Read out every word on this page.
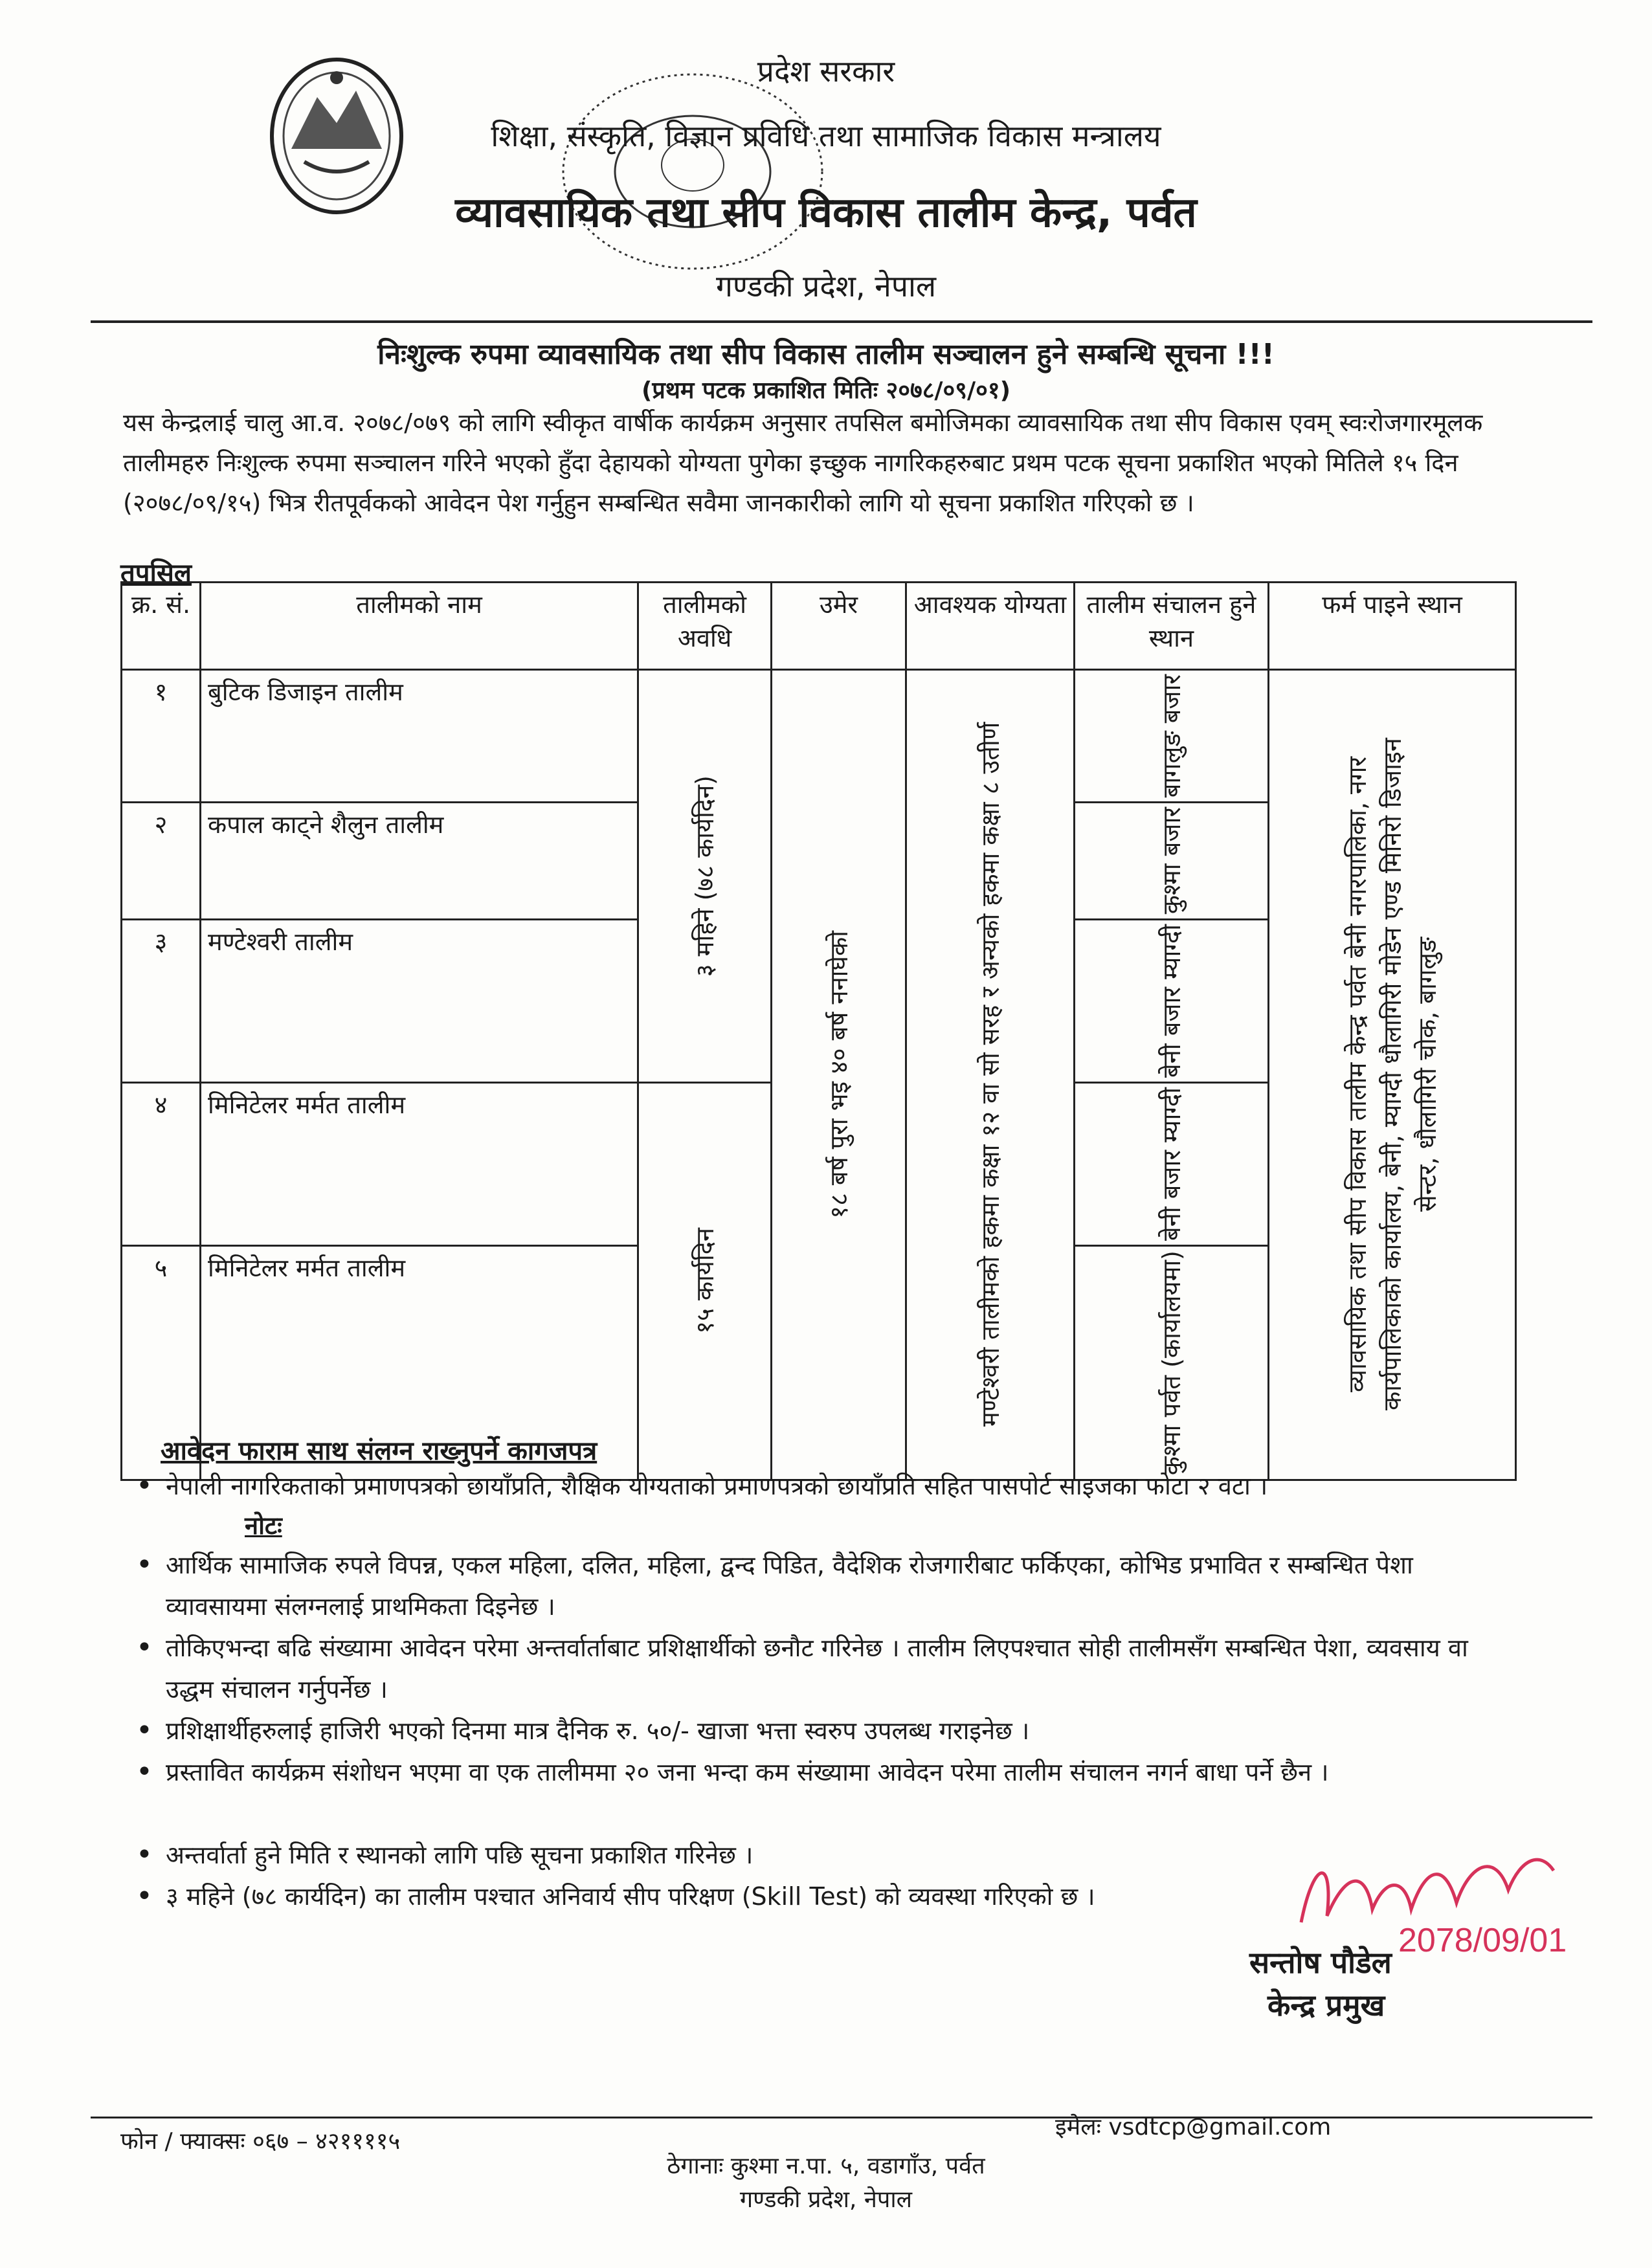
प्रदेश सरकार
शिक्षा, संस्कृति, विज्ञान प्रविधि तथा सामाजिक विकास मन्त्रालय
व्यावसायिक तथा सीप विकास तालीम केन्द्र, पर्वत
गण्डकी प्रदेश, नेपाल
निःशुल्क रुपमा व्यावसायिक तथा सीप विकास तालीम सञ्चालन हुने सम्बन्धि सूचना !!!
(प्रथम पटक प्रकाशित मितिः २०७८/०९/०१)
यस केन्द्रलाई चालु आ.व. २०७८/०७९ को लागि स्वीकृत वार्षीक कार्यक्रम अनुसार तपसिल बमोजिमका व्यावसायिक तथा सीप विकास एवम् स्वःरोजगारमूलक तालीमहरु निःशुल्क रुपमा सञ्चालन गरिने भएको हुँदा देहायको योग्यता पुगेका इच्छुक नागरिकहरुबाट प्रथम पटक सूचना प्रकाशित भएको मितिले १५ दिन (२०७८/०९/१५) भित्र रीतपूर्वकको आवेदन पेश गर्नुहुन सम्बन्धित सवैमा जानकारीको लागि यो सूचना प्रकाशित गरिएको छ ।
तपसिल
क्र. सं.	तालीमको नाम	तालीमको अवधि	उमेर	आवश्यक योग्यता	तालीम संचालन हुने स्थान	फर्म पाइने स्थान
१	बुटिक डिजाइन तालीम	३ महिने (७८ कार्यदिन)	१८ बर्ष पुरा भइ ४० बर्ष ननाघेको	मण्टेश्वरी तालीमको हकमा कक्षा १२ वा सो सरह र अन्यको हकमा कक्षा ८ उतीर्ण	बागलुङ बजार	व्यावसायिक तथा सीप विकास तालीम केन्द्र पर्वत बेनी नगरपालिका, नगर कार्यपालिकाको कार्यालय, बेनी, म्याग्दी धौलागिरी मोडेन एण्ड मिनिरो डिजाइन सेन्टर, धौलागिरी चोक, बागलुङ

२	कपाल काट्ने शैलुन तालीम				कुश्मा बजार	

३	मण्टेश्वरी तालीम				बेनी बजार म्याग्दी	

४	मिनिटेलर मर्मत तालीम	१५ कार्यदिन			बेनी बजार म्याग्दी	

५	मिनिटेलर मर्मत तालीम				कुश्मा पर्वत (कार्यालयमा)	
आवेदन फाराम साथ संलग्न राख्नुपर्ने कागजपत्र
• नेपाली नागरिकताको प्रमाणपत्रको छायाँप्रति, शैक्षिक योग्यताको प्रमाणपत्रको छायाँप्रति सहित पासपोर्ट साइजका फोटा २ वटा ।
नोटः
• आर्थिक सामाजिक रुपले विपन्न, एकल महिला, दलित, महिला, द्वन्द पिडित, वैदेशिक रोजगारीबाट फर्किएका, कोभिड प्रभावित र सम्बन्धित पेशा व्यावसायमा संलग्नलाई प्राथमिकता दिइनेछ ।
• तोकिएभन्दा बढि संख्यामा आवेदन परेमा अन्तर्वार्ताबाट प्रशिक्षार्थीको छनौट गरिनेछ । तालीम लिएपश्चात सोही तालीमसँग सम्बन्धित पेशा, व्यवसाय वा उद्धम संचालन गर्नुपर्नेछ ।
• प्रशिक्षार्थीहरुलाई हाजिरी भएको दिनमा मात्र दैनिक रु. ५०/- खाजा भत्ता स्वरुप उपलब्ध गराइनेछ ।
• प्रस्तावित कार्यक्रम संशोधन भएमा वा एक तालीममा २० जना भन्दा कम संख्यामा आवेदन परेमा तालीम संचालन नगर्न बाधा पर्ने छैन ।
• अन्तर्वार्ता हुने मिति र स्थानको लागि पछि सूचना प्रकाशित गरिनेछ ।
• ३ महिने (७८ कार्यदिन) का तालीम पश्चात अनिवार्य सीप परिक्षण (Skill Test) को व्यवस्था गरिएको छ ।
2078/09/01
सन्तोष पौडेल
केन्द्र प्रमुख
फोन / फ्याक्सः ०६७ – ४२११११५
इमेलः vsdtcp@gmail.com
ठेगानाः कुश्मा न.पा. ५, वडागाँउ, पर्वत
गण्डकी प्रदेश, नेपाल
